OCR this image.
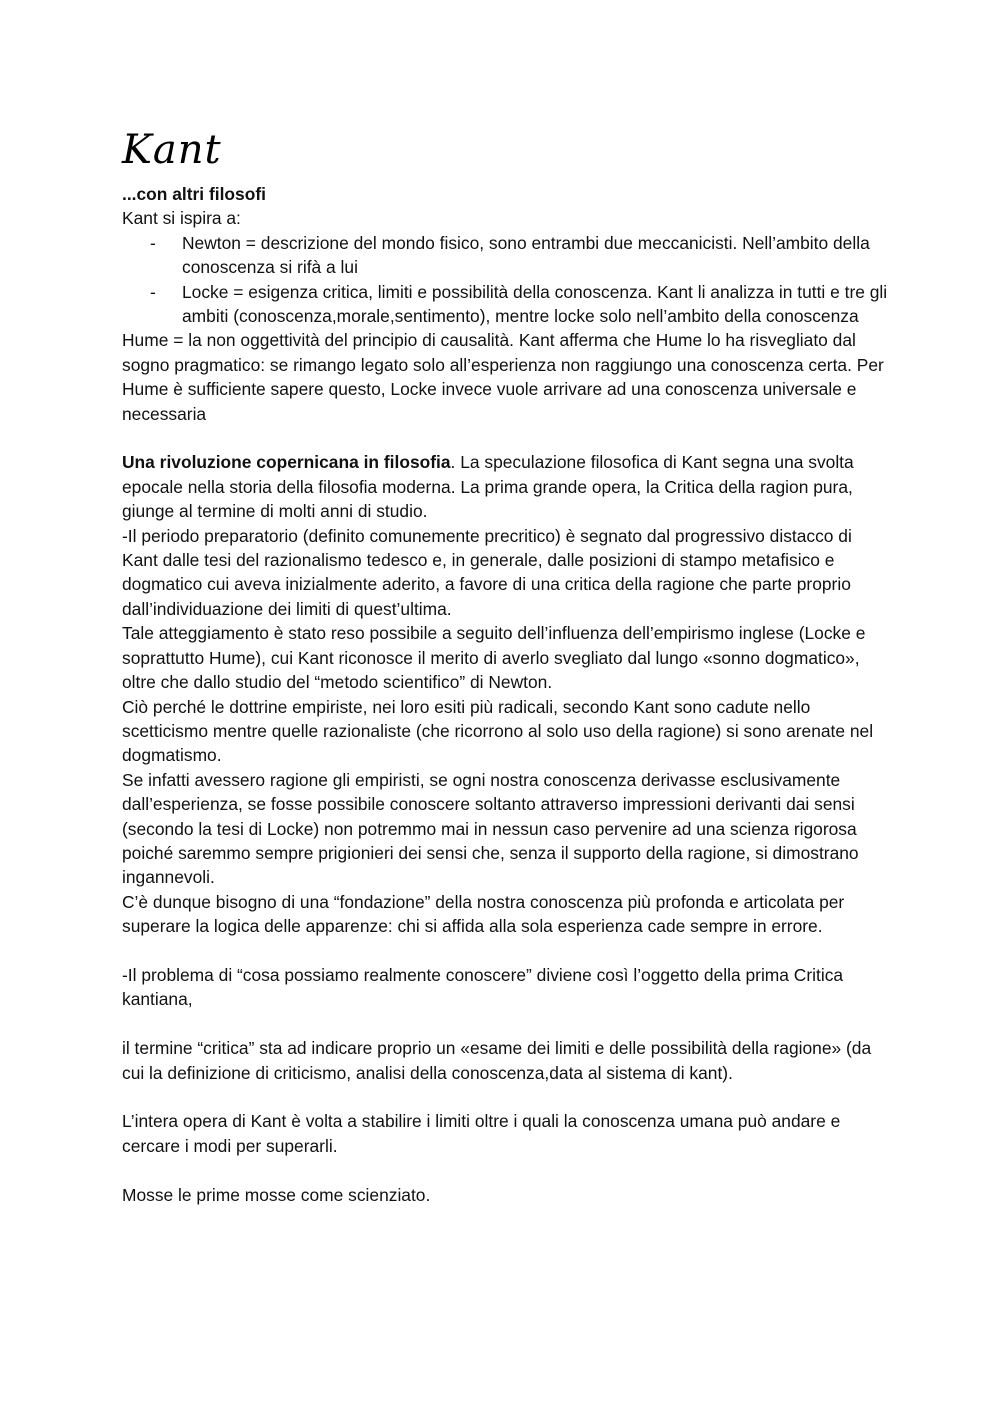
Kant

...con altri filosofi

Kant si ispira a:

- Newton = descrizione del mondo fisico, sono entrambi due meccanicisti. Nell’ambito della conoscenza si rifà a lui
- Locke = esigenza critica, limiti e possibilità della conoscenza. Kant li analizza in tutti e tre gli ambiti (conoscenza,morale,sentimento), mentre locke solo nell’ambito della conoscenza

Hume = la non oggettività del principio di causalità. Kant afferma che Hume lo ha risvegliato dal sogno pragmatico: se rimango legato solo all’esperienza non raggiungo una conoscenza certa. Per Hume è sufficiente sapere questo, Locke invece vuole arrivare ad una conoscenza universale e necessaria

Una rivoluzione copernicana in filosofia. La speculazione filosofica di Kant segna una svolta epocale nella storia della filosofia moderna. La prima grande opera, la Critica della ragion pura, giunge al termine di molti anni di studio.

-Il periodo preparatorio (definito comunemente precritico) è segnato dal progressivo distacco di Kant dalle tesi del razionalismo tedesco e, in generale, dalle posizioni di stampo metafisico e dogmatico cui aveva inizialmente aderito, a favore di una critica della ragione che parte proprio dall’individuazione dei limiti di quest’ultima.

Tale atteggiamento è stato reso possibile a seguito dell’influenza dell’empirismo inglese (Locke e soprattutto Hume), cui Kant riconosce il merito di averlo svegliato dal lungo «sonno dogmatico», oltre che dallo studio del “metodo scientifico” di Newton.

Ciò perché le dottrine empiriste, nei loro esiti più radicali, secondo Kant sono cadute nello scetticismo mentre quelle razionaliste (che ricorrono al solo uso della ragione) si sono arenate nel dogmatismo.

Se infatti avessero ragione gli empiristi, se ogni nostra conoscenza derivasse esclusivamente dall’esperienza, se fosse possibile conoscere soltanto attraverso impressioni derivanti dai sensi (secondo la tesi di Locke) non potremmo mai in nessun caso pervenire ad una scienza rigorosa poiché saremmo sempre prigionieri dei sensi che, senza il supporto della ragione, si dimostrano ingannevoli.

C’è dunque bisogno di una “fondazione” della nostra conoscenza più profonda e articolata per superare la logica delle apparenze: chi si affida alla sola esperienza cade sempre in errore.

-Il problema di “cosa possiamo realmente conoscere” diviene così l’oggetto della prima Critica kantiana,

il termine “critica” sta ad indicare proprio un «esame dei limiti e delle possibilità della ragione» (da cui la definizione di criticismo, analisi della conoscenza,data al sistema di kant).

L’intera opera di Kant è volta a stabilire i limiti oltre i quali la conoscenza umana può andare e cercare i modi per superarli.

Mosse le prime mosse come scienziato.
